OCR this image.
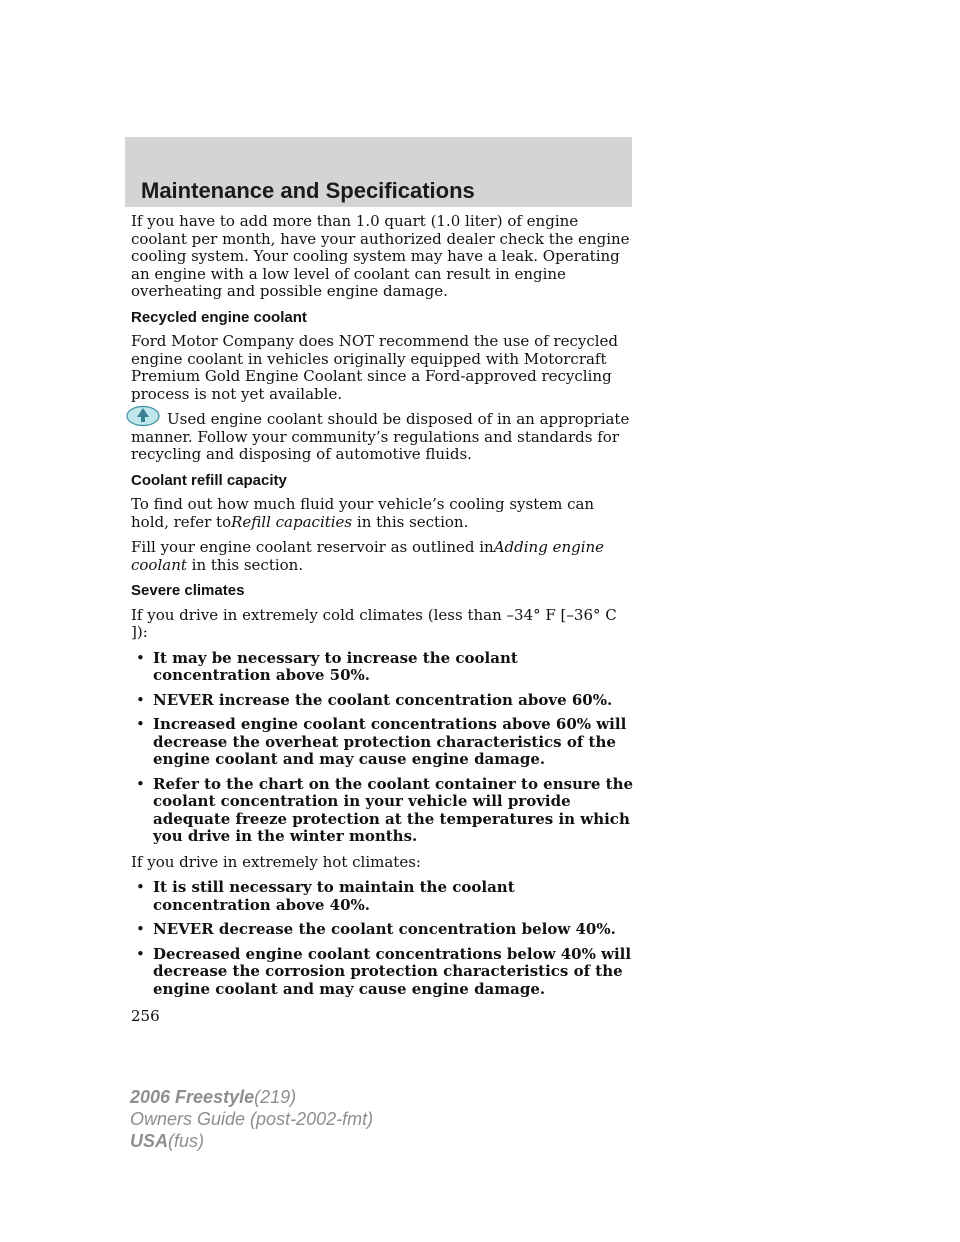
Maintenance and Specifications

If you have to add more than 1.0 quart (1.0 liter) of engine coolant per month, have your authorized dealer check the engine cooling system. Your cooling system may have a leak. Operating an engine with a low level of coolant can result in engine overheating and possible engine damage.

Recycled engine coolant

Ford Motor Company does NOT recommend the use of recycled engine coolant in vehicles originally equipped with Motorcraft Premium Gold Engine Coolant since a Ford-approved recycling process is not yet available.

Used engine coolant should be disposed of in an appropriate
manner. Follow your community’s regulations and standards for recycling and disposing of automotive fluids.

Coolant refill capacity

To find out how much fluid your vehicle’s cooling system can hold, refer toRefill capacities in this section.

Fill your engine coolant reservoir as outlined inAdding engine coolant in this section.

Severe climates

If you drive in extremely cold climates (less than –34° F [–36° C ]):

• It may be necessary to increase the coolant concentration above 50%.
• NEVER increase the coolant concentration above 60%.
• Increased engine coolant concentrations above 60% will decrease the overheat protection characteristics of the engine coolant and may cause engine damage.
• Refer to the chart on the coolant container to ensure the coolant concentration in your vehicle will provide adequate freeze protection at the temperatures in which you drive in the winter months.

If you drive in extremely hot climates:

• It is still necessary to maintain the coolant concentration above 40%.
• NEVER decrease the coolant concentration below 40%.
• Decreased engine coolant concentrations below 40% will decrease the corrosion protection characteristics of the engine coolant and may cause engine damage.
256
2006 Freestyle(219)
Owners Guide (post-2002-fmt)
USA(fus)
